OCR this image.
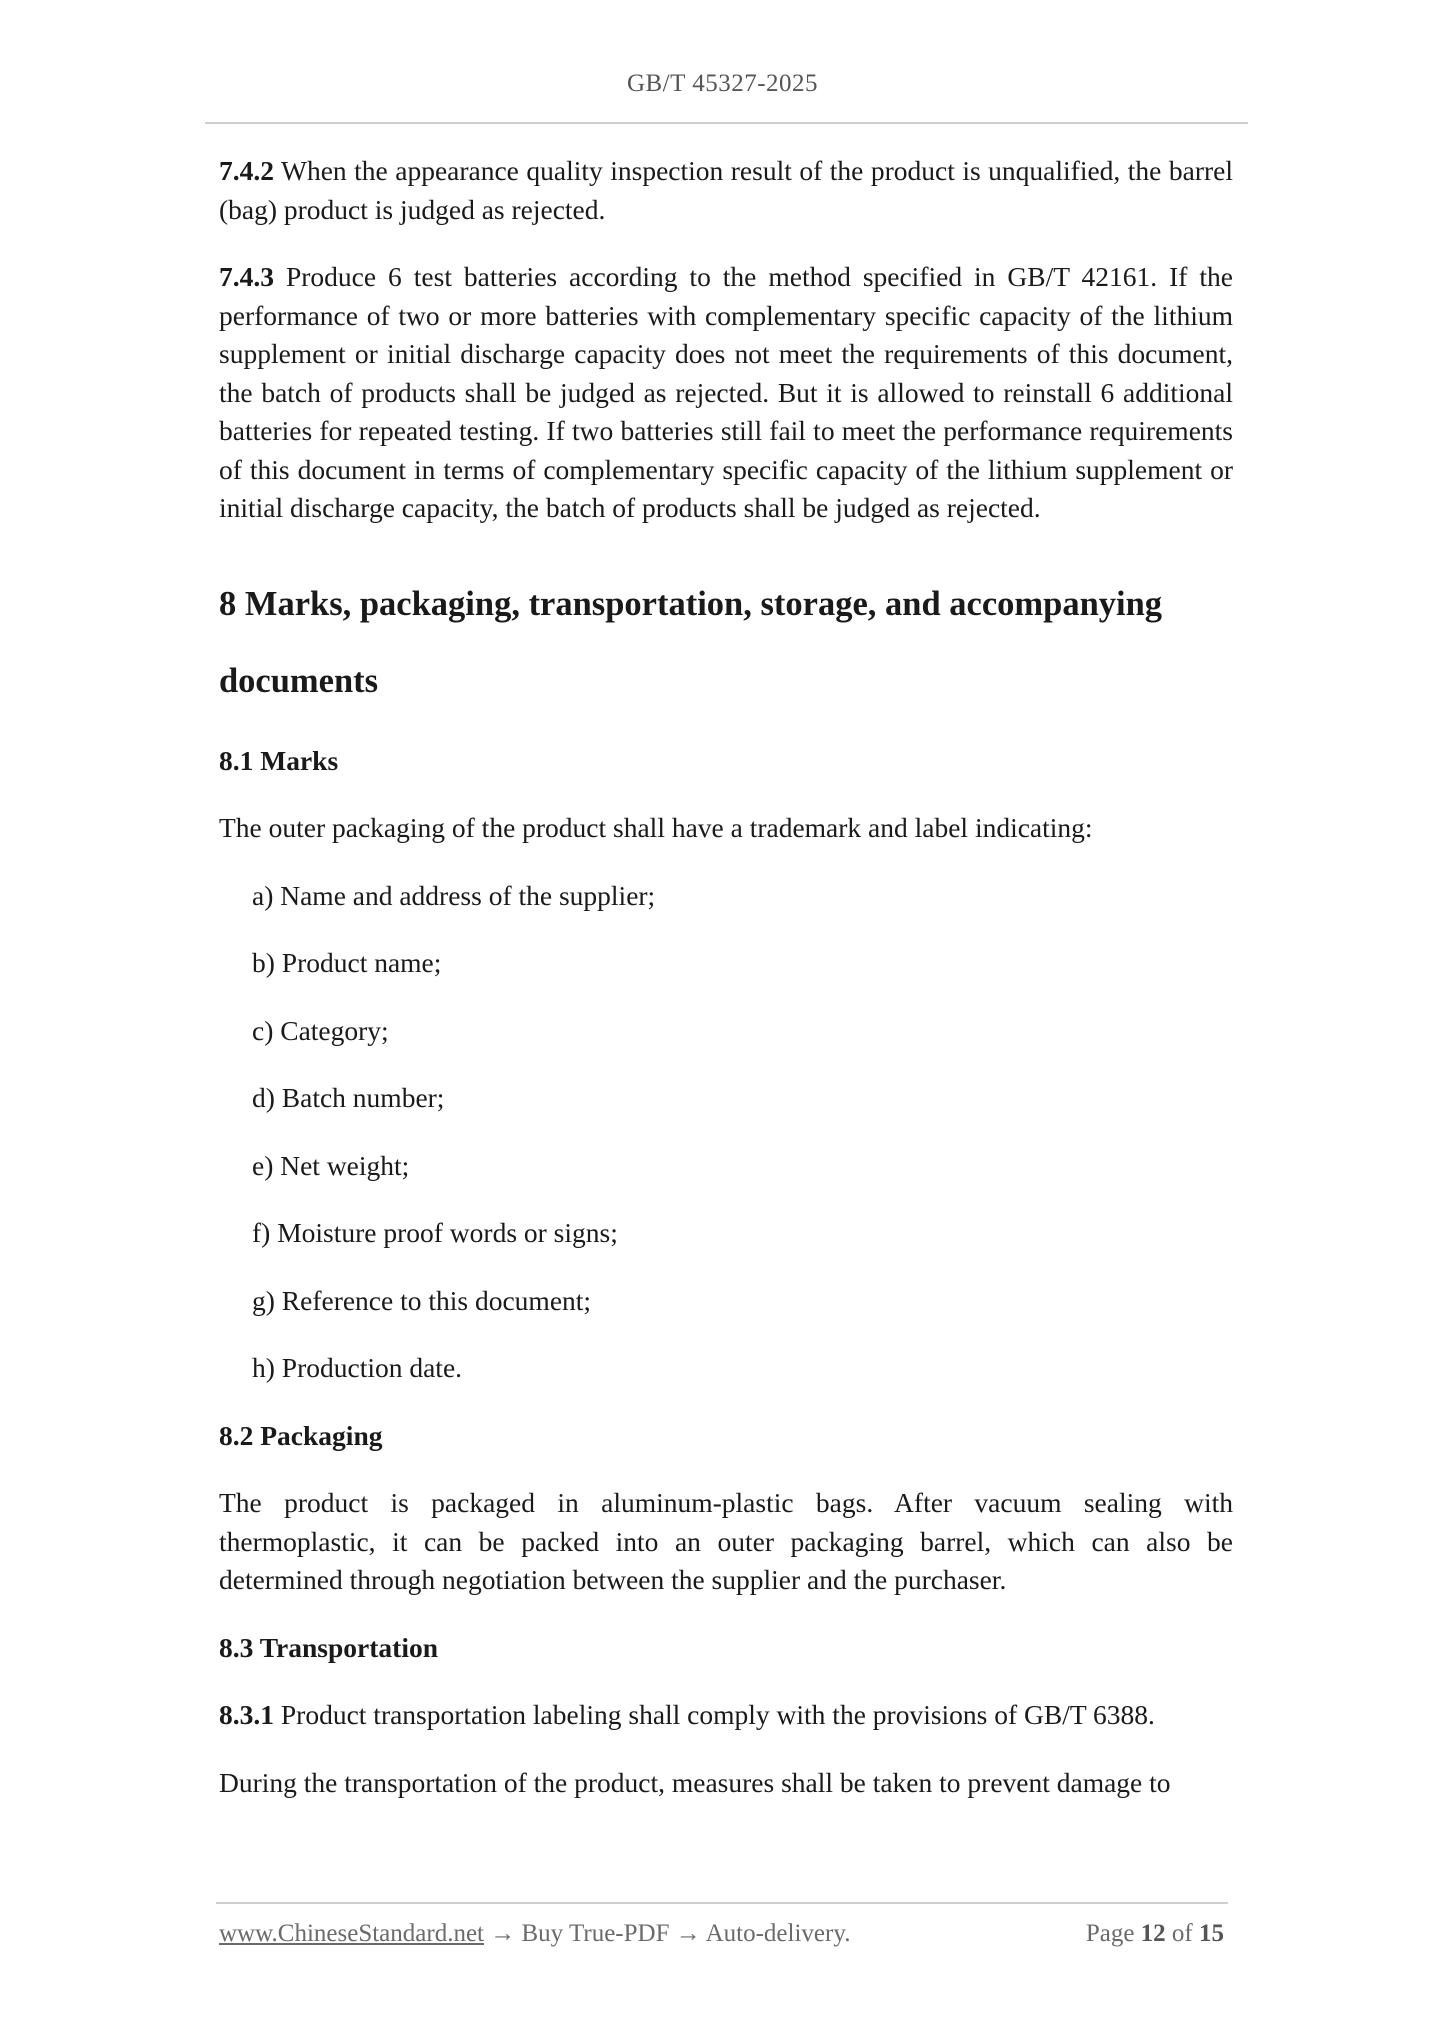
GB/T 45327-2025

7.4.2 When the appearance quality inspection result of the product is unqualified, the barrel (bag) product is judged as rejected.

7.4.3 Produce 6 test batteries according to the method specified in GB/T 42161. If the performance of two or more batteries with complementary specific capacity of the lithium supplement or initial discharge capacity does not meet the requirements of this document, the batch of products shall be judged as rejected. But it is allowed to reinstall 6 additional batteries for repeated testing. If two batteries still fail to meet the performance requirements of this document in terms of complementary specific capacity of the lithium supplement or initial discharge capacity, the batch of products shall be judged as rejected.

8 Marks, packaging, transportation, storage, and accompanying
documents

8.1 Marks

The outer packaging of the product shall have a trademark and label indicating:

a) Name and address of the supplier;

b) Product name;

c) Category;

d) Batch number;

e) Net weight;

f) Moisture proof words or signs;

g) Reference to this document;

h) Production date.

8.2 Packaging

The product is packaged in aluminum-plastic bags. After vacuum sealing with thermoplastic, it can be packed into an outer packaging barrel, which can also be determined through negotiation between the supplier and the purchaser.

8.3 Transportation

8.3.1 Product transportation labeling shall comply with the provisions of GB/T 6388.

During the transportation of the product, measures shall be taken to prevent damage to

www.ChineseStandard.net → Buy True-PDF → Auto-delivery.	Page 12 of 15
